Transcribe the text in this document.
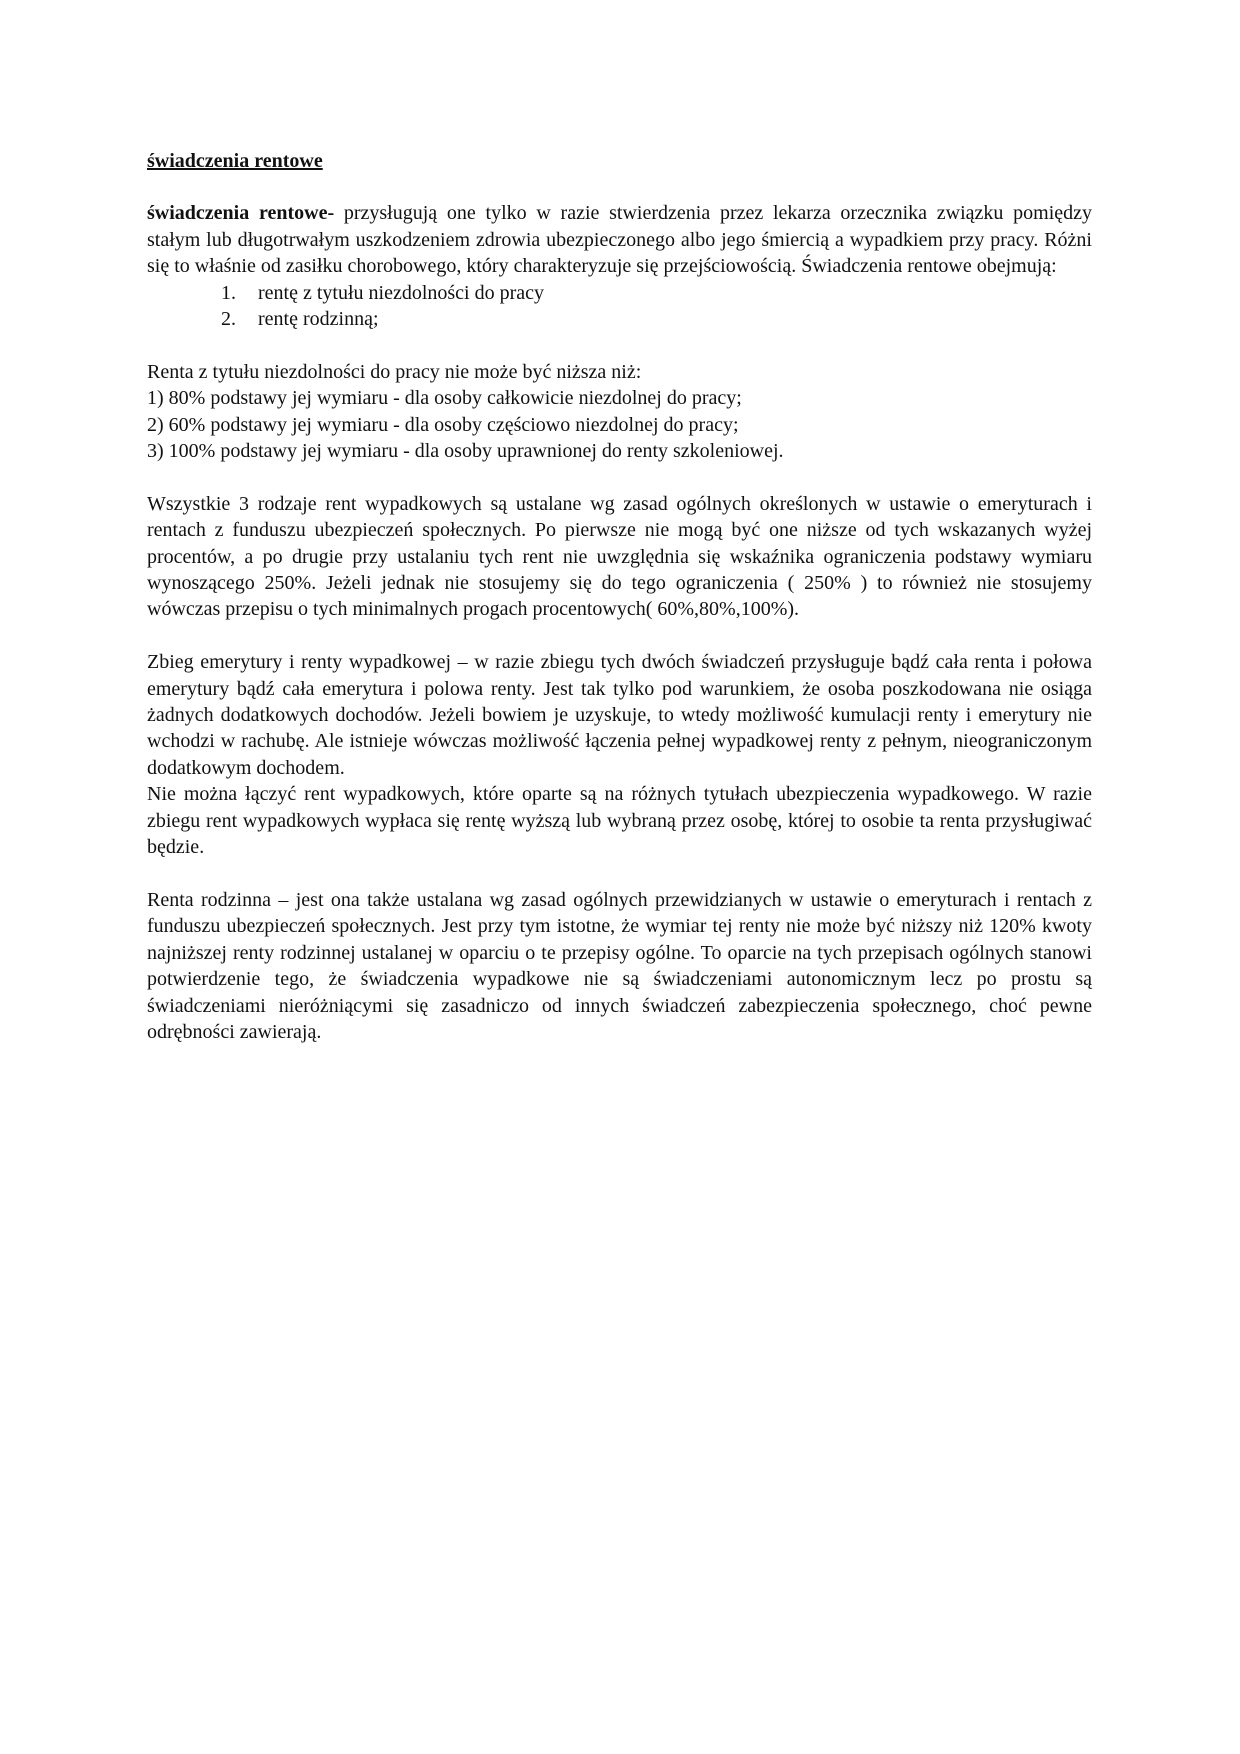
świadczenia rentowe

świadczenia rentowe- przysługują one tylko w razie stwierdzenia przez lekarza orzecznika związku pomiędzy stałym lub długotrwałym uszkodzeniem zdrowia ubezpieczonego albo jego śmiercią a wypadkiem przy pracy. Różni się to właśnie od zasiłku chorobowego, który charakteryzuje się przejściowością. Świadczenia rentowe obejmują:

1.	rentę z tytułu niezdolności do pracy
2.	rentę rodzinną;
Renta z tytułu niezdolności do pracy nie może być niższa niż:
1) 80% podstawy jej wymiaru - dla osoby całkowicie niezdolnej do pracy;
2) 60% podstawy jej wymiaru - dla osoby częściowo niezdolnej do pracy;
3) 100% podstawy jej wymiaru - dla osoby uprawnionej do renty szkoleniowej.

Wszystkie 3 rodzaje rent wypadkowych są ustalane wg zasad ogólnych określonych w ustawie o emeryturach i rentach z funduszu ubezpieczeń społecznych. Po pierwsze nie mogą być one niższe od tych wskazanych wyżej procentów, a po drugie przy ustalaniu tych rent nie uwzględnia się wskaźnika ograniczenia podstawy wymiaru wynoszącego 250%. Jeżeli jednak nie stosujemy się do tego ograniczenia ( 250% ) to również nie stosujemy wówczas przepisu o tych minimalnych progach procentowych( 60%,80%,100%).

Zbieg emerytury i renty wypadkowej – w razie zbiegu tych dwóch świadczeń przysługuje bądź cała renta i połowa emerytury bądź cała emerytura i polowa renty. Jest tak tylko pod warunkiem, że osoba poszkodowana nie osiąga żadnych dodatkowych dochodów. Jeżeli bowiem je uzyskuje, to wtedy możliwość kumulacji renty i emerytury nie wchodzi w rachubę. Ale istnieje wówczas możliwość łączenia pełnej wypadkowej renty z pełnym, nieograniczonym dodatkowym dochodem.

Nie można łączyć rent wypadkowych, które oparte są na różnych tytułach ubezpieczenia wypadkowego. W razie zbiegu rent wypadkowych wypłaca się rentę wyższą lub wybraną przez osobę, której to osobie ta renta przysługiwać będzie.

Renta rodzinna – jest ona także ustalana wg zasad ogólnych przewidzianych w ustawie o emeryturach i rentach z funduszu ubezpieczeń społecznych. Jest przy tym istotne, że wymiar tej renty nie może być niższy niż 120% kwoty najniższej renty rodzinnej ustalanej w oparciu o te przepisy ogólne. To oparcie na tych przepisach ogólnych stanowi potwierdzenie tego, że świadczenia wypadkowe nie są świadczeniami autonomicznym lecz po prostu są świadczeniami nieróżniącymi się zasadniczo od innych świadczeń zabezpieczenia społecznego, choć pewne odrębności zawierają.
